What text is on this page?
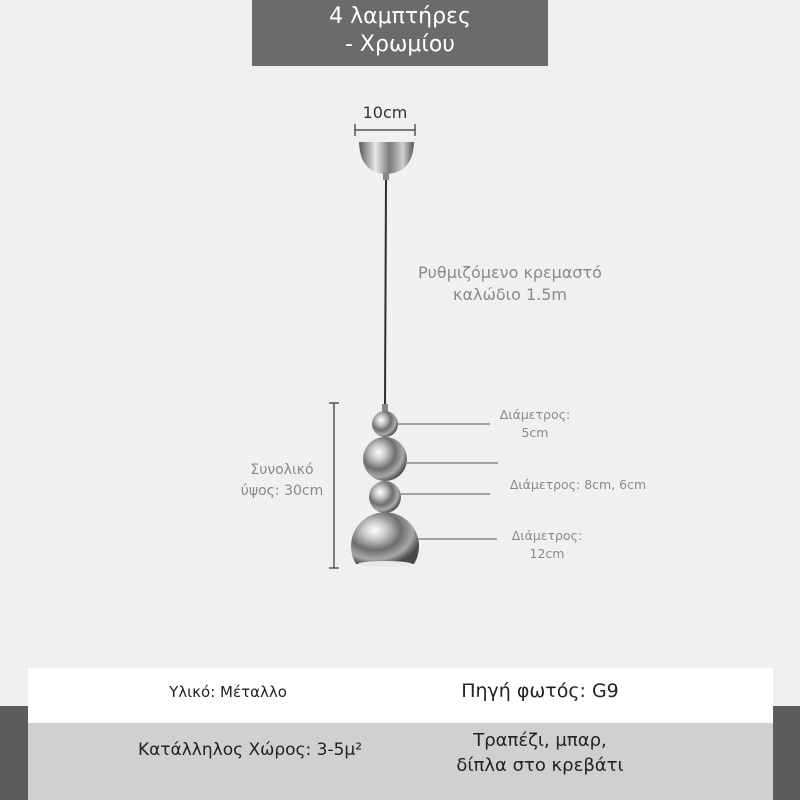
4 λαμπτήρες
- Χρωμίου
10cm
Ρυθμιζόμενο κρεμαστό
καλώδιο 1.5m
Συνολικό
ύψος: 30cm
Διάμετρος:
5cm
Διάμετρος: 8cm, 6cm
Διάμετρος:
12cm
Υλικό: Μέταλλο	Πηγή φωτός: G9
Κατάλληλος Χώρος: 3-5μ²	Τραπέζι, μπαρ,
δίπλα στο κρεβάτι
